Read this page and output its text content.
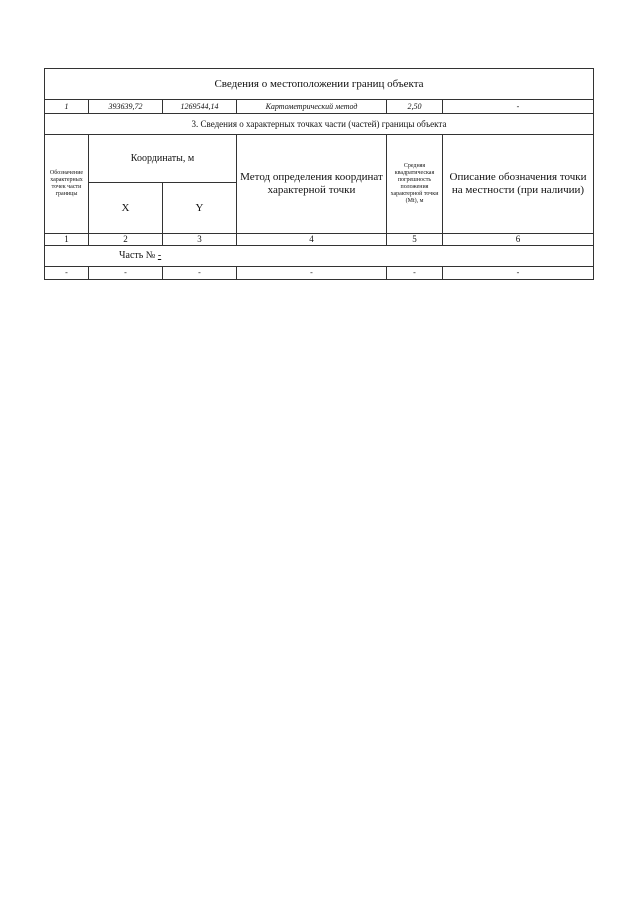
Сведения о местоположении границ объекта					
1	393639,72	1269544,14	Картометрический метод	2,50	-
3. Сведения о характерных точках части (частей) границы объекта					
Обозначение характерных точек части границы	Координаты, м		Метод определения координат характерной точки	Средняя квадратическая погрешность положения характерной точки (Mt), м	Описание обозначения точки на местности (при наличии)
	X	Y			
1	2	3	4	5	6
Часть № -					
-	-	-	-	-	-
